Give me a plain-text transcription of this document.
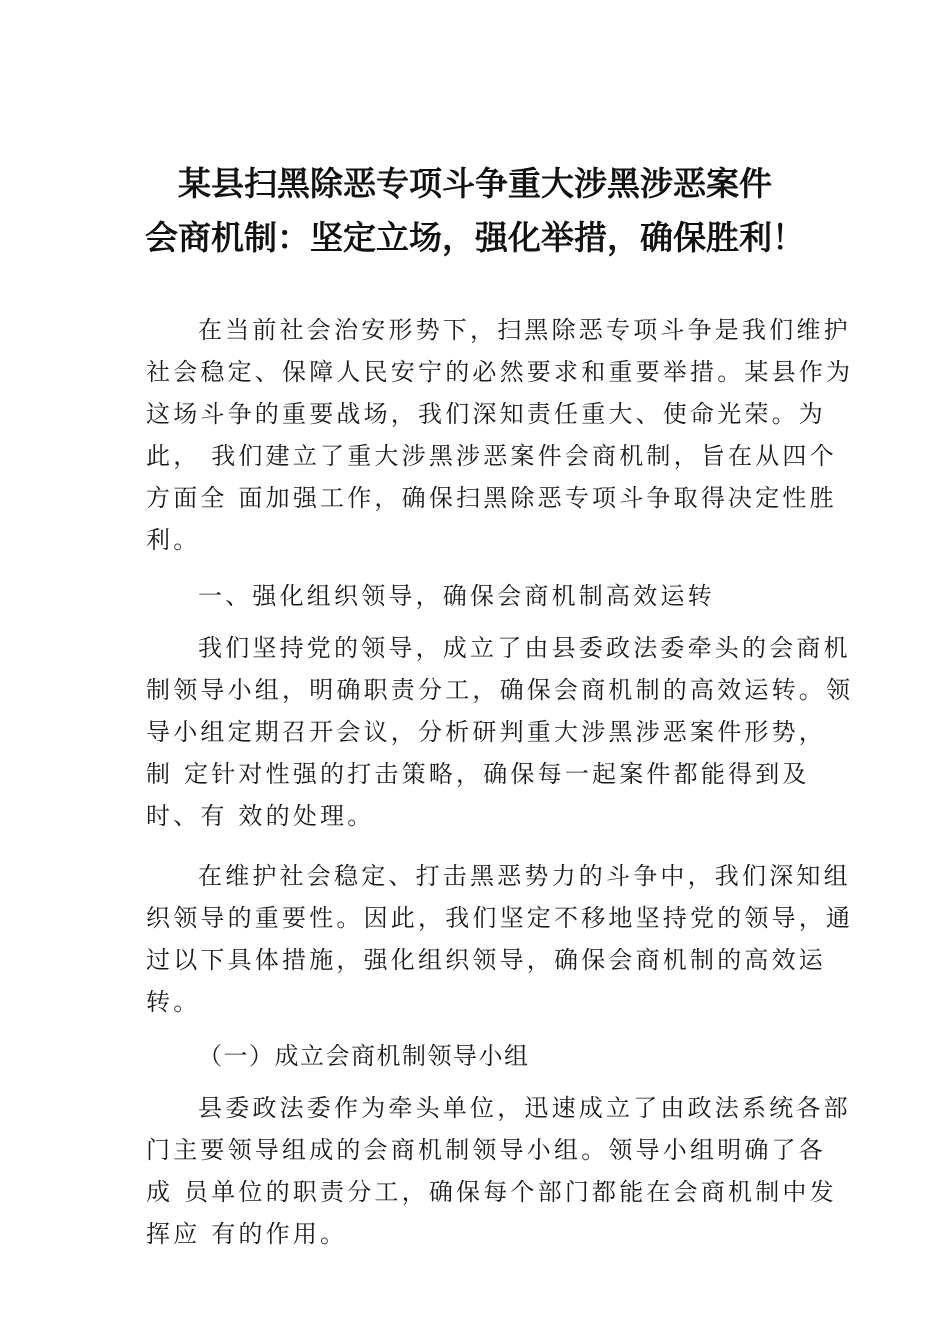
某县扫黑除恶专项斗争重大涉黑涉恶案件
会商机制：坚定立场，强化举措，确保胜利！

在当前社会治安形势下，扫黑除恶专项斗争是我们维护

社会稳定、保障人民安宁的必然要求和重要举措。某县作为

这场斗争的重要战场，我们深知责任重大、使命光荣。为

此， 我们建立了重大涉黑涉恶案件会商机制，旨在从四个

方面全 面加强工作，确保扫黑除恶专项斗争取得决定性胜

利。

一、强化组织领导，确保会商机制高效运转

我们坚持党的领导，成立了由县委政法委牵头的会商机

制领导小组，明确职责分工，确保会商机制的高效运转。领

导小组定期召开会议，分析研判重大涉黑涉恶案件形势，

制 定针对性强的打击策略，确保每一起案件都能得到及

时、有 效的处理。

在维护社会稳定、打击黑恶势力的斗争中，我们深知组

织领导的重要性。因此，我们坚定不移地坚持党的领导，通

过以下具体措施，强化组织领导，确保会商机制的高效运

转。

（一）成立会商机制领导小组

县委政法委作为牵头单位，迅速成立了由政法系统各部

门主要领导组成的会商机制领导小组。领导小组明确了各

成 员单位的职责分工，确保每个部门都能在会商机制中发

挥应 有的作用。
